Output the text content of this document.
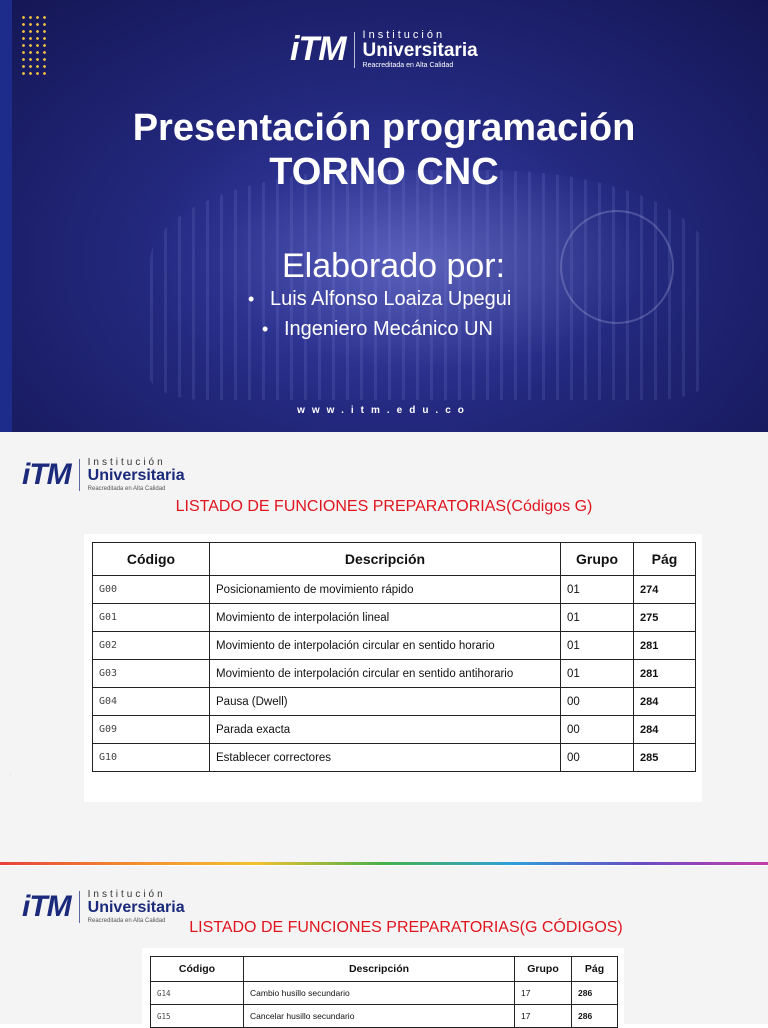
iTM Institución
Universitaria
Reacreditada en Alta Calidad
Presentación programación
TORNO CNC
Elaborado por:
• Luis Alfonso Loaiza Upegui
• Ingeniero Mecánico UN
www.itm.edu.co
·
iTM Institución
Universitaria
Reacreditada en Alta Calidad
LISTADO DE FUNCIONES PREPARATORIAS(Códigos G)
Código	Descripción	Grupo	Pág
G00	Posicionamiento de movimiento rápido	01	274
G01	Movimiento de interpolación lineal	01	275
G02	Movimiento de interpolación circular en sentido horario	01	281
G03	Movimiento de interpolación circular en sentido antihorario	01	281
G04	Pausa (Dwell)	00	284
G09	Parada exacta	00	284
G10	Establecer correctores	00	285
iTM Institución
Universitaria
Reacreditada en Alta Calidad	LISTADO DE FUNCIONES PREPARATORIAS(G CÓDIGOS)
Código	Descripción	Grupo	Pág
G14	Cambio husillo secundario	17	286
G15	Cancelar husillo secundario	17	286
